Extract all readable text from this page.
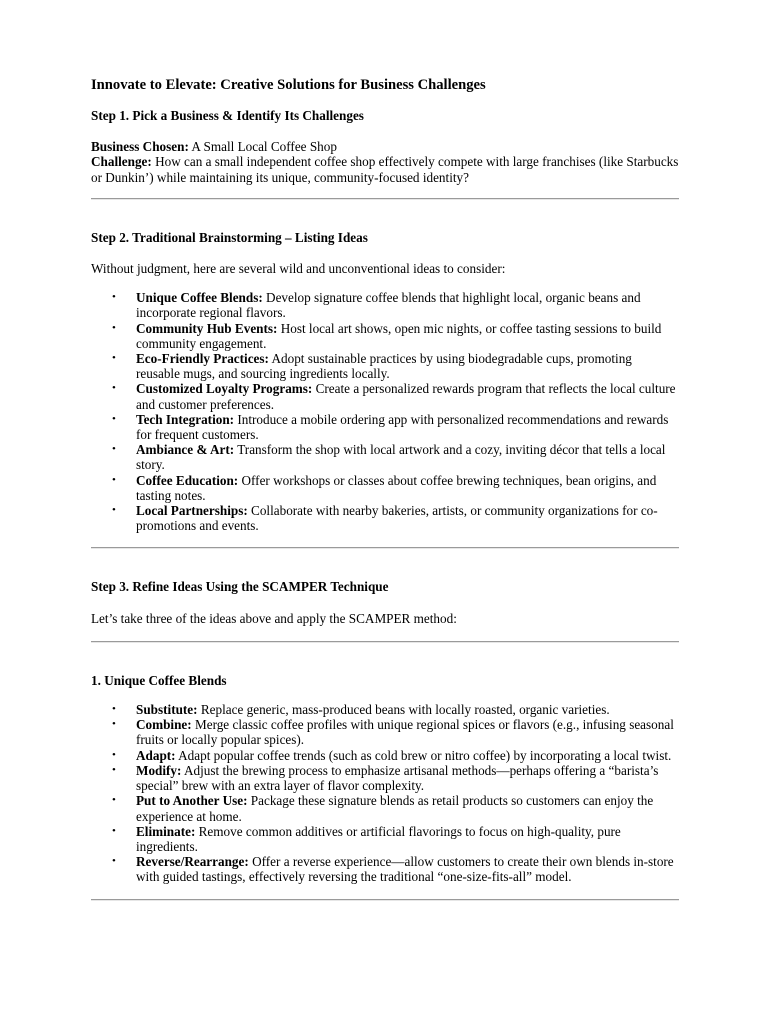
Innovate to Elevate: Creative Solutions for Business Challenges
Step 1. Pick a Business & Identify Its Challenges

Business Chosen: A Small Local Coffee Shop

Challenge: How can a small independent coffee shop effectively compete with large franchises (like Starbucks or Dunkin’) while maintaining its unique, community-focused identity?

Step 2. Traditional Brainstorming – Listing Ideas

Without judgment, here are several wild and unconventional ideas to consider:

• Unique Coffee Blends: Develop signature coffee blends that highlight local, organic beans and incorporate regional flavors.
• Community Hub Events: Host local art shows, open mic nights, or coffee tasting sessions to build community engagement.
• Eco-Friendly Practices: Adopt sustainable practices by using biodegradable cups, promoting reusable mugs, and sourcing ingredients locally.
• Customized Loyalty Programs: Create a personalized rewards program that reflects the local culture and customer preferences.
• Tech Integration: Introduce a mobile ordering app with personalized recommendations and rewards for frequent customers.
• Ambiance & Art: Transform the shop with local artwork and a cozy, inviting décor that tells a local story.
• Coffee Education: Offer workshops or classes about coffee brewing techniques, bean origins, and tasting notes.
• Local Partnerships: Collaborate with nearby bakeries, artists, or community organizations for co-promotions and events.
Step 3. Refine Ideas Using the SCAMPER Technique

Let’s take three of the ideas above and apply the SCAMPER method:

1. Unique Coffee Blends
• Substitute: Replace generic, mass-produced beans with locally roasted, organic varieties.
• Combine: Merge classic coffee profiles with unique regional spices or flavors (e.g., infusing seasonal fruits or locally popular spices).
• Adapt: Adapt popular coffee trends (such as cold brew or nitro coffee) by incorporating a local twist.
• Modify: Adjust the brewing process to emphasize artisanal methods—perhaps offering a “barista’s special” brew with an extra layer of flavor complexity.
• Put to Another Use: Package these signature blends as retail products so customers can enjoy the experience at home.
• Eliminate: Remove common additives or artificial flavorings to focus on high-quality, pure ingredients.
• Reverse/Rearrange: Offer a reverse experience—allow customers to create their own blends in-store with guided tastings, effectively reversing the traditional “one-size-fits-all” model.
